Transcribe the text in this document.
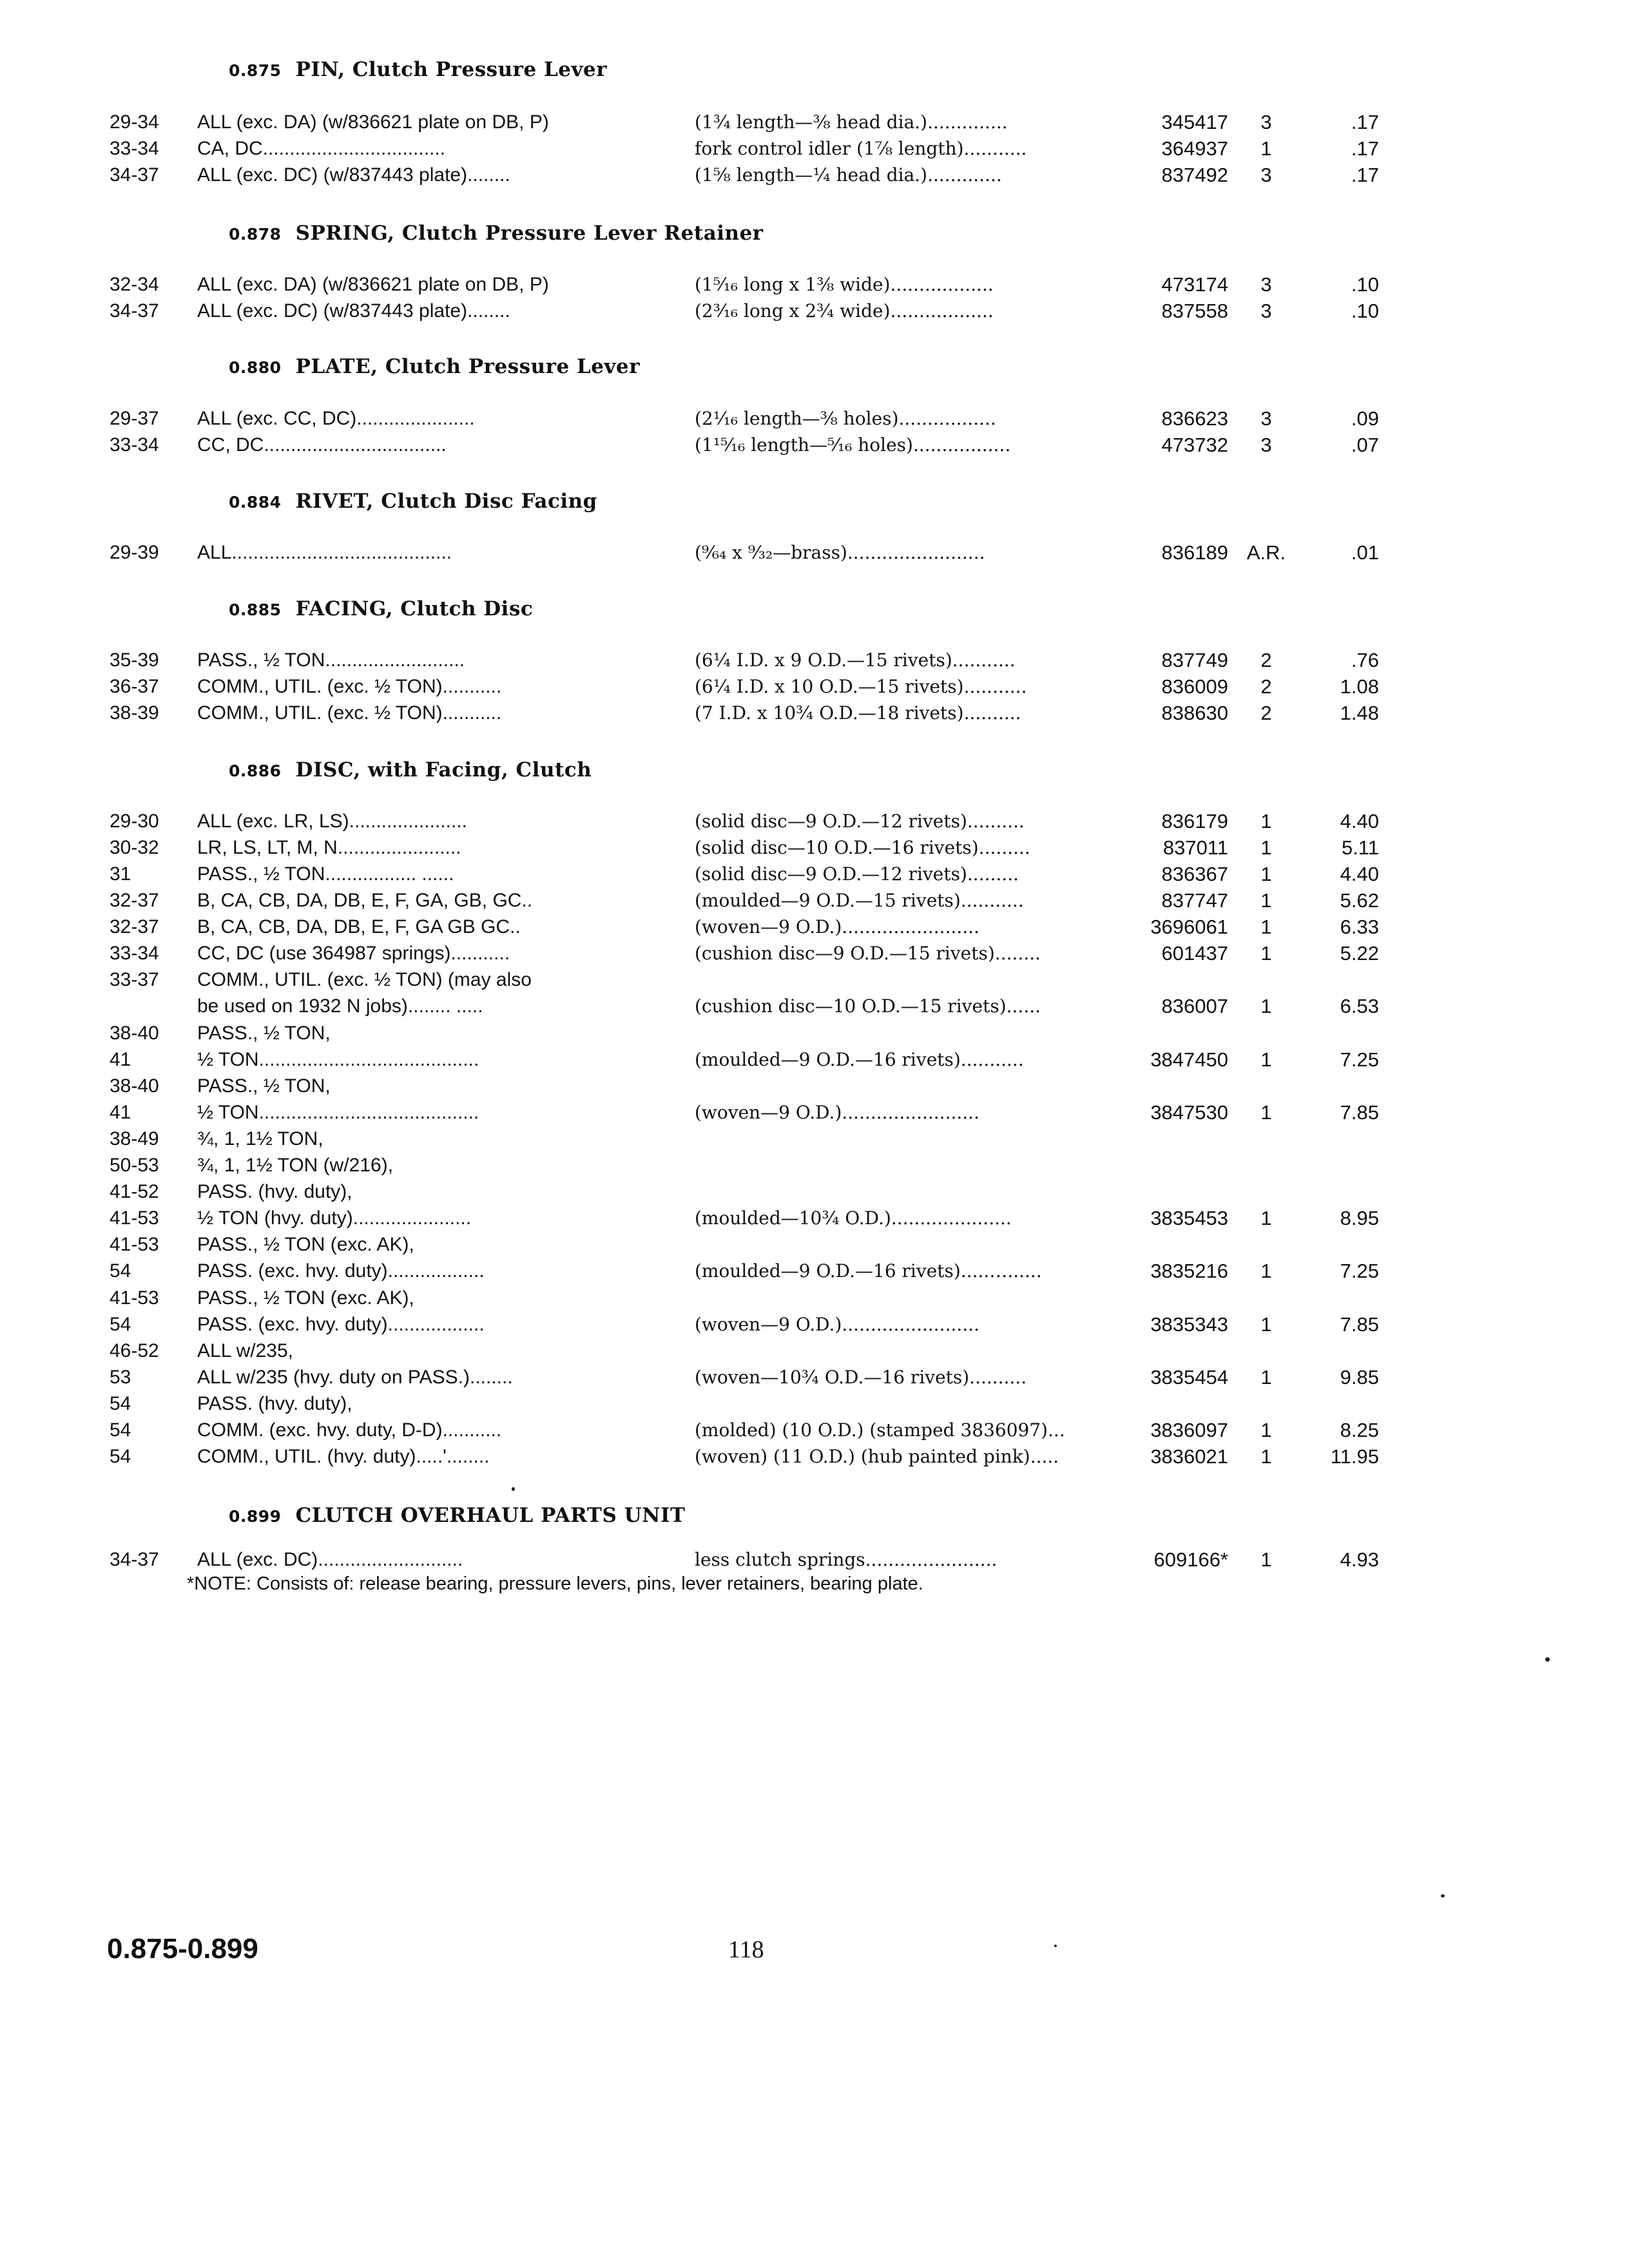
0.875 PIN, Clutch Pressure Lever
29-34 ALL (exc. DA) (w/836621 plate on DB, P)	(1¾ length—⅜ head dia.)..............	345417	3	.17
33-34 CA, DC..................................	fork control idler (1⅞ length)...........	364937	1	.17
34-37 ALL (exc. DC) (w/837443 plate)........	(1⅝ length—¼ head dia.).............	837492	3	.17
0.878 SPRING, Clutch Pressure Lever Retainer
32-34 ALL (exc. DA) (w/836621 plate on DB, P)	(1⁵⁄₁₆ long x 1⅜ wide)..................	473174	3	.10
34-37 ALL (exc. DC) (w/837443 plate)........	(2³⁄₁₆ long x 2¾ wide)..................	837558	3	.10
0.880 PLATE, Clutch Pressure Lever
29-37 ALL (exc. CC, DC)......................	(2¹⁄₁₆ length—⅜ holes).................	836623	3	.09
33-34 CC, DC..................................	(1¹⁵⁄₁₆ length—⁵⁄₁₆ holes).................	473732	3	.07
0.884 RIVET, Clutch Disc Facing
29-39 ALL.........................................	(⁹⁄₆₄ x ⁹⁄₃₂—brass)........................	836189 A.R.	.01
0.885 FACING, Clutch Disc
35-39 PASS., ½ TON..........................	(6¼ I.D. x 9 O.D.—15 rivets)...........	837749	2	.76
36-37 COMM., UTIL. (exc. ½ TON)...........	(6¼ I.D. x 10 O.D.—15 rivets)...........	836009	2	1.08
38-39 COMM., UTIL. (exc. ½ TON)...........	(7 I.D. x 10¾ O.D.—18 rivets)..........	838630	2	1.48
0.886 DISC, with Facing, Clutch
29-30 ALL (exc. LR, LS)......................	(solid disc—9 O.D.—12 rivets)..........	836179	1	4.40
30-32 LR, LS, LT, M, N.......................	(solid disc—10 O.D.—16 rivets).........	837011	1	5.11
31	PASS., ½ TON................. ......	(solid disc—9 O.D.—12 rivets).........	836367	1	4.40
32-37 B, CA, CB, DA, DB, E, F, GA, GB, GC..	(moulded—9 O.D.—15 rivets)...........	837747	1	5.62
32-37 B, CA, CB, DA, DB, E, F, GA GB GC..	(woven—9 O.D.)........................	3696061	1	6.33
33-34 CC, DC (use 364987 springs)...........	(cushion disc—9 O.D.—15 rivets)........	601437	1	5.22
33-37 COMM., UTIL. (exc. ½ TON) (may also
be used on 1932 N jobs)........ .....	(cushion disc—10 O.D.—15 rivets)......	836007	1	6.53
38-40 PASS., ½ TON,
41	½ TON.........................................	(moulded—9 O.D.—16 rivets)...........	3847450	1	7.25
38-40 PASS., ½ TON,
41	½ TON.........................................	(woven—9 O.D.)........................	3847530	1	7.85
38-49 ¾, 1, 1½ TON,
50-53 ¾, 1, 1½ TON (w/216),
41-52 PASS. (hvy. duty),
41-53 ½ TON (hvy. duty)......................	(moulded—10¾ O.D.).....................	3835453	1	8.95
41-53 PASS., ½ TON (exc. AK),
54	PASS. (exc. hvy. duty)..................	(moulded—9 O.D.—16 rivets).....…......	3835216	1	7.25
41-53 PASS., ½ TON (exc. AK),
54	PASS. (exc. hvy. duty)..................	(woven—9 O.D.)........................	3835343	1	7.85
46-52 ALL w/235,
53	ALL w/235 (hvy. duty on PASS.)........	(woven—10¾ O.D.—16 rivets)..........	3835454	1	9.85
54	PASS. (hvy. duty),
54	COMM. (exc. hvy. duty, D-D)...........	(molded) (10 O.D.) (stamped 3836097)...	3836097	1	8.25
54	COMM., UTIL. (hvy. duty).....'........	(woven) (11 O.D.) (hub painted pink).....	3836021	1	11.95
0.899 CLUTCH OVERHAUL PARTS UNIT
34-37 ALL (exc. DC)...........................	less clutch springs.......................	609166*	1	4.93
*NOTE: Consists of: release bearing, pressure levers, pins, lever retainers, bearing plate.
0.875-0.899	118
